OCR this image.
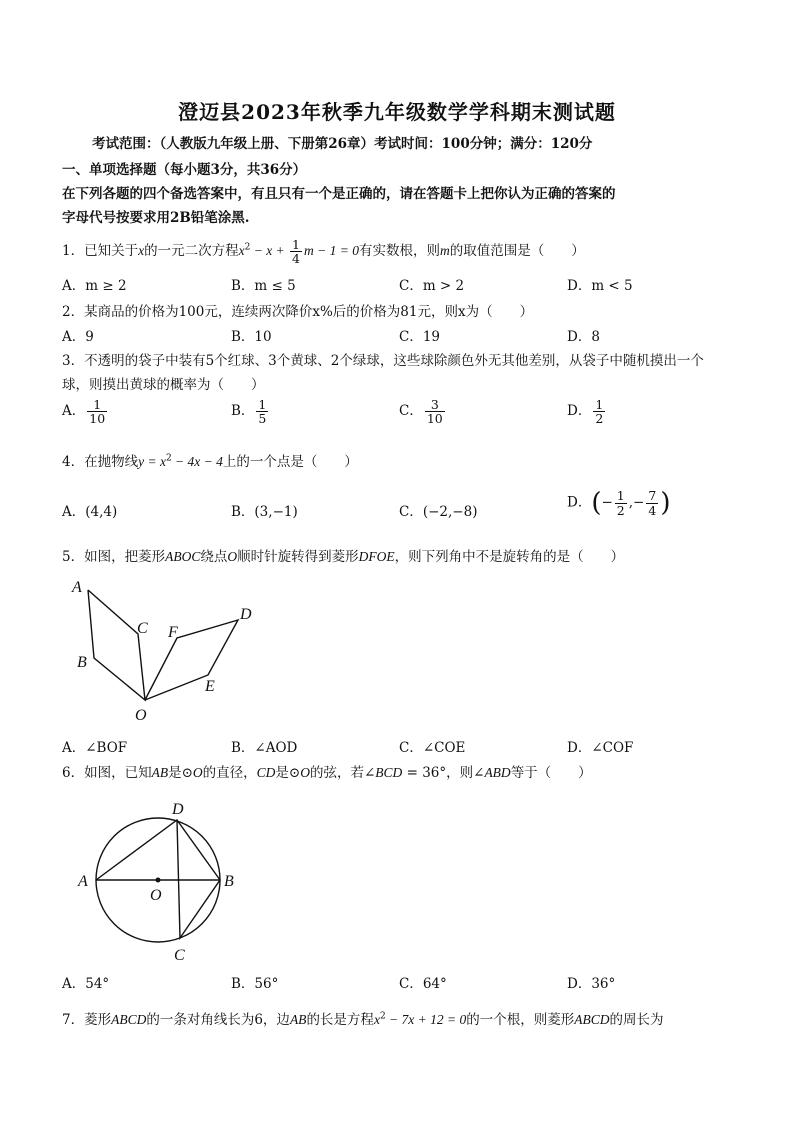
澄迈县2023年秋季九年级数学学科期末测试题
考试范围：（人教版九年级上册、下册第26章）考试时间：100分钟；满分：120分
一、单项选择题（每小题3分，共36分）
在下列各题的四个备选答案中，有且只有一个是正确的，请在答题卡上把你认为正确的答案的
字母代号按要求用2B铅笔涂黑.
1．已知关于x的一元二次方程$x^2 - x + \frac{1}{4}$ m − 1 = 0有实数根，则m的取值范围是（　　）
A．m ≥ 2	B．m ≤ 5	C．m > 2	D．m < 5
2．某商品的价格为100元，连续两次降价x%后的价格为81元，则x为（　　）
A．9	B．10	C．19	D．8
3．不透明的袋子中装有5个红球、3个黄球、2个绿球，这些球除颜色外无其他差别，从袋子中随机摸出一个
球，则摸出黄球的概率为（　　）
A． $\frac{1}{10}$	B． $\frac{1}{5}$	C． $\frac{3}{10}$	D． $\frac{1}{2}$
4．在抛物线$y = x^2 - 4x - 4$上的一个点是（　　）
A．(4,4)	B．(3,−1)	C．(−2,−8)
D．(− $\frac{1}{2}$ ,− $\frac{7}{4}$ )
5．如图，把菱形ABOC绕点O顺时针旋转得到菱形DFOE，则下列角中不是旋转角的是（　　）
A
C
B
F
D
E
O
A．∠BOF	B．∠AOD	C．∠COE	D．∠COF
6．如图，已知AB是⊙O的直径，CD是⊙O的弦，若∠BCD = 36°，则∠ABD等于（　　）
D
A
O
B
C
A．54°	B．56°	C．64°	D．36°
7．菱形ABCD的一条对角线长为6，边AB的长是方程$x^2 - 7x + 12 = 0$的一个根，则菱形ABCD的周长为
